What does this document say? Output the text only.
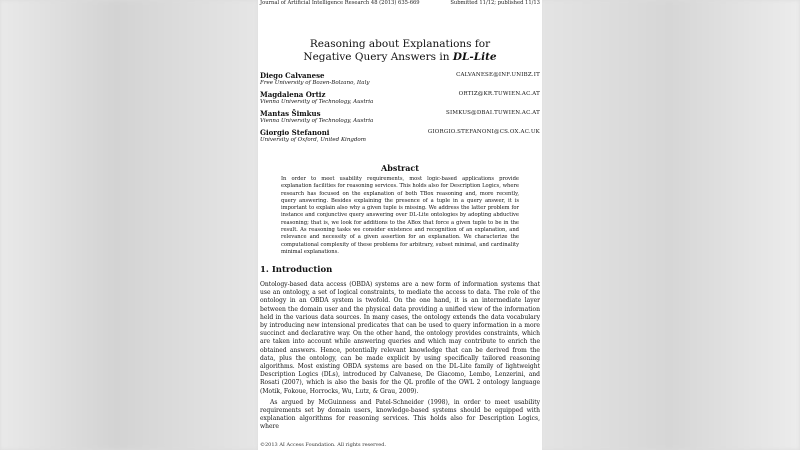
Journal of Artificial Intelligence Research 48 (2013) 635-669	Submitted 11/12; published 11/13
Reasoning about Explanations for
Negative Query Answers in DL-Lite
Diego Calvanese	CALVANESE@INF.UNIBZ.IT
Free University of Bozen-Bolzano, Italy
Magdalena Ortiz	ORTIZ@KR.TUWIEN.AC.AT
Vienna University of Technology, Austria
Mantas Šimkus	SIMKUS@DBAI.TUWIEN.AC.AT
Vienna University of Technology, Austria
Giorgio Stefanoni	GIORGIO.STEFANONI@CS.OX.AC.UK
University of Oxford, United Kingdom
Abstract
In order to meet usability requirements, most logic-based applications provide explanation facilities for reasoning services. This holds also for Description Logics, where research has focused on the explanation of both TBox reasoning and, more recently, query answering. Besides explaining the presence of a tuple in a query answer, it is important to explain also why a given tuple is missing. We address the latter problem for instance and conjunctive query answering over DL-Lite ontologies by adopting abductive reasoning; that is, we look for additions to the ABox that force a given tuple to be in the result. As reasoning tasks we consider existence and recognition of an explanation, and relevance and necessity of a given assertion for an explanation. We characterize the computational complexity of these problems for arbitrary, subset minimal, and cardinality minimal explanations.
1. Introduction

Ontology-based data access (OBDA) systems are a new form of information systems that use an ontology, a set of logical constraints, to mediate the access to data. The role of the ontology in an OBDA system is twofold. On the one hand, it is an intermediate layer between the domain user and the physical data providing a unified view of the information held in the various data sources. In many cases, the ontology extends the data vocabulary by introducing new intensional predicates that can be used to query information in a more succinct and declarative way. On the other hand, the ontology provides constraints, which are taken into account while answering queries and which may contribute to enrich the obtained answers. Hence, potentially relevant knowledge that can be derived from the data, plus the ontology, can be made explicit by using specifically tailored reasoning algorithms. Most existing OBDA systems are based on the DL-Lite family of lightweight Description Logics (DLs), introduced by Calvanese, De Giacomo, Lembo, Lenzerini, and Rosati (2007), which is also the basis for the QL profile of the OWL 2 ontology language (Motik, Fokoue, Horrocks, Wu, Lutz, & Grau, 2009).

As argued by McGuinness and Patel-Schneider (1998), in order to meet usability requirements set by domain users, knowledge-based systems should be equipped with explanation algorithms for reasoning services. This holds also for Description Logics, where

©2013 AI Access Foundation. All rights reserved.
